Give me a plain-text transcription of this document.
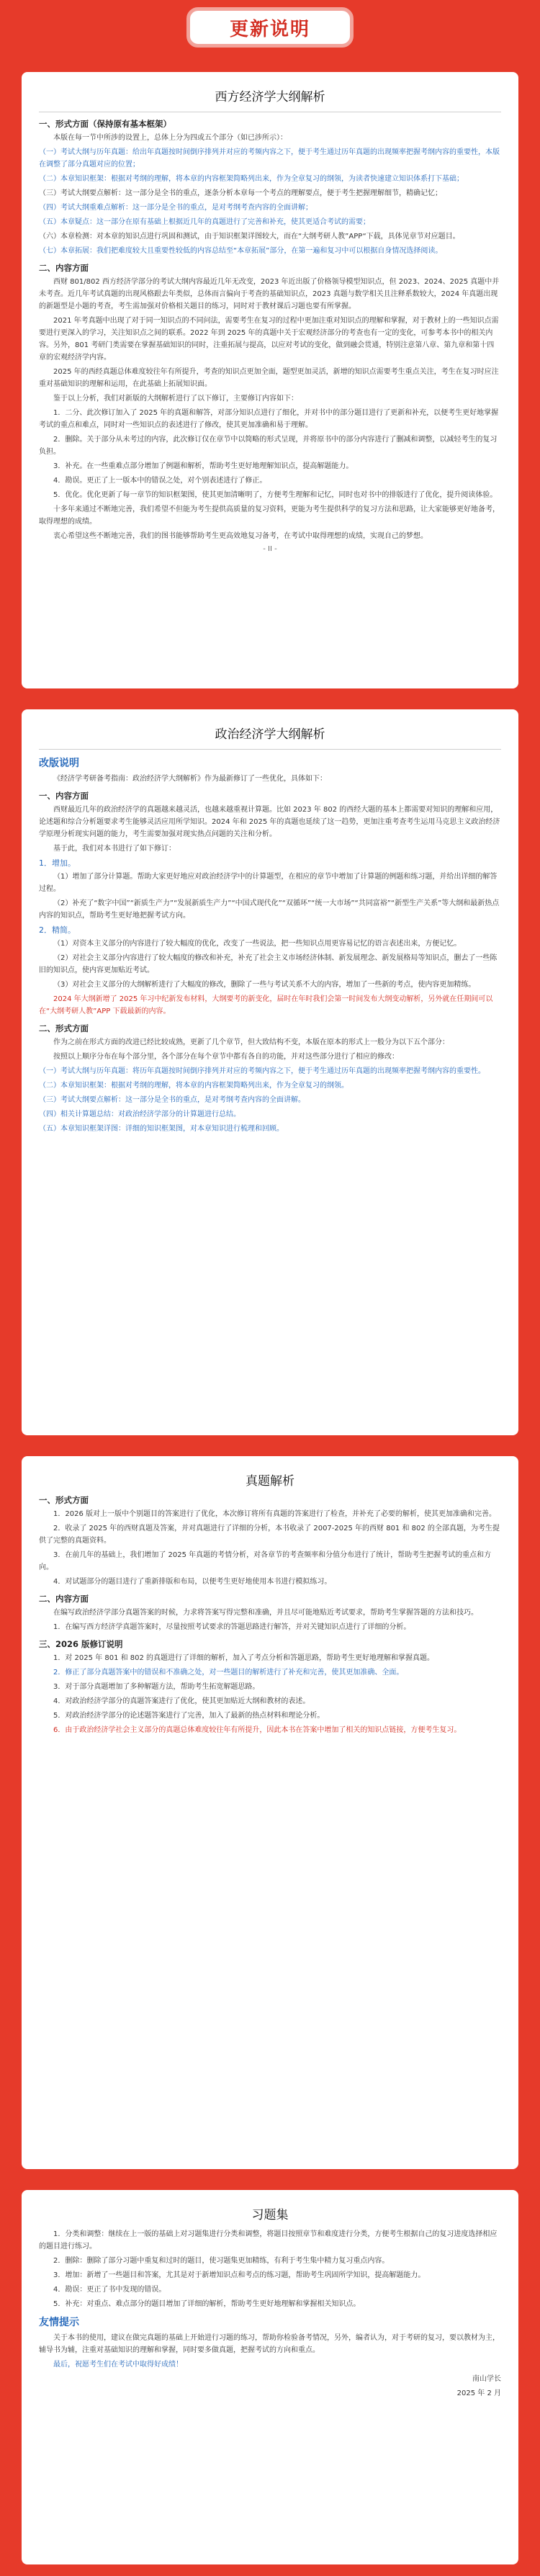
更新说明
西方经济学大纲解析
一、形式方面（保持原有基本框架）

本版在每一节中所涉的设置上，总体上分为四或五个部分（如已涉所示）：

（一）考试大纲与历年真题：给出年真题按时间倒序排列并对应的考频内容之下，便于考生通过历年真题的出现频率把握考纲内容的重要性，本版在调整了部分真题对应的位置；

（二）本章知识框架：根据对考纲的理解，将本章的内容框架简略列出来，作为全章复习的纲领，为读者快速建立知识体系打下基础；

（三）考试大纲要点解析：这一部分是全书的重点，逐条分析本章每一个考点的理解要点，便于考生把握理解细节，精确记忆；

（四）考试大纲重难点解析：这一部分是全书的重点，是对考纲考查内容的全面讲解；

（五）本章疑点：这一部分在原有基础上根据近几年的真题进行了完善和补充，使其更适合考试的需要；

（六）本章检测：对本章的知识点进行巩固和测试，由于知识框架详图较大，而在“大纲考研人教”APP“下载，具体见章节对应题目。

（七）本章拓展：我们把难度较大且重要性较低的内容总结至“本章拓展”部分，在第一遍和复习中可以根据自身情况选择阅读。

二、内容方面

西财 801/802 西方经济学部分的考试大纲内容最近几年无改变，2023 年近出版了价格领导模型知识点，但 2023、2024、2025 真题中并未考查。近几年考试真题的出现风格跟去年类似，总体而言偏向于考查的基础知识点，2023 真题与数学相关且注释系数较大，2024 年真题出现的新题型是小题的考查，考生需加强对价格相关题目的练习，同时对于教材课后习题也要有所掌握。

2021 年考真题中出现了对于同一知识点的不同问法，需要考生在复习的过程中更加注重对知识点的理解和掌握，对于教材上的一些知识点需要进行更深入的学习，关注知识点之间的联系。2022 年到 2025 年的真题中关于宏观经济部分的考查也有一定的变化，可参考本书中的相关内容。另外，801 考研门类需要在掌握基础知识的同时，注重拓展与提高，以应对考试的变化，做到融会贯通，特别注意第八章、第九章和第十四章的宏观经济学内容。

2025 年的西经真题总体难度较往年有所提升，考查的知识点更加全面，题型更加灵活，新增的知识点需要考生重点关注，考生在复习时应注重对基础知识的理解和运用，在此基础上拓展知识面。

鉴于以上分析，我们对新版的大纲解析进行了以下修订，主要修订内容如下：

1．二分、此次修订加入了 2025 年的真题和解答，对部分知识点进行了细化，并对书中的部分题目进行了更新和补充，以便考生更好地掌握考试的重点和难点，同时对一些知识点的表述进行了修改，使其更加准确和易于理解。

2．删除。关于部分从未考过的内容，此次修订仅在章节中以简略的形式呈现，并将原书中的部分内容进行了删减和调整，以减轻考生的复习负担。

3．补充。在一些重难点部分增加了例题和解析，帮助考生更好地理解知识点，提高解题能力。

4．勘误。更正了上一版本中的错误之处，对个别表述进行了修正。

5．优化。优化更新了每一章节的知识框架图，使其更加清晰明了，方便考生理解和记忆，同时也对书中的排版进行了优化，提升阅读体验。

十多年来通过不断地完善，我们希望不但能为考生提供高质量的复习资料，更能为考生提供科学的复习方法和思路，让大家能够更好地备考，取得理想的成绩。

衷心希望这些不断地完善，我们的图书能够帮助考生更高效地复习备考，在考试中取得理想的成绩，实现自己的梦想。

- II -
政治经济学大纲解析
改版说明

《经济学考研备考指南：政治经济学大纲解析》作为最新修订了一些优化，具体如下：

一、内容方面

西财最近几年的政治经济学的真题越来越灵活，也越来越重视计算题。比如 2023 年 802 的西经大题的基本上都需要对知识的理解和应用，论述题和综合分析题要求考生能够灵活应用所学知识。2024 年和 2025 年的真题也延续了这一趋势，更加注重考查考生运用马克思主义政治经济学原理分析现实问题的能力，考生需要加强对现实热点问题的关注和分析。

基于此，我们对本书进行了如下修订：

1．增加。

（1）增加了部分计算题。帮助大家更好地应对政治经济学中的计算题型，在相应的章节中增加了计算题的例题和练习题，并给出详细的解答过程。

（2）补充了“数字中国”“新质生产力”“发展新质生产力”“中国式现代化”“双循环”“统一大市场”“共同富裕”“新型生产关系”等大纲和最新热点内容的知识点，帮助考生更好地把握考试方向。

2．精简。

（1）对资本主义部分的内容进行了较大幅度的优化，改变了一些说法，把一些知识点用更容易记忆的语言表述出来，方便记忆。

（2）对社会主义部分内容进行了较大幅度的修改和补充，补充了社会主义市场经济体制、新发展理念、新发展格局等知识点，删去了一些陈旧的知识点，使内容更加贴近考试。

（3）对社会主义部分的大纲解析进行了大幅度的修改，删除了一些与考试关系不大的内容，增加了一些新的考点，使内容更加精练。

2024 年大纲新增了 2025 年习中纪新发布材料，大纲要考的新变化，届时在年时我们会第一时间发布大纲变动解析，另外就在任期间可以在“大纲考研人教”APP 下载最新的内容。

二、形式方面

作为之前在形式方面的改进已经比较成熟，更新了几个章节，但大致结构不变，本版在原本的形式上一般分为以下五个部分：

按照以上顺序分布在每个部分里，各个部分在每个章节中都有各自的功能，并对这些部分进行了相应的修改：

（一）考试大纲与历年真题：将历年真题按时间倒序排列并对应的考频内容之下，便于考生通过历年真题的出现频率把握考纲内容的重要性。

（二）本章知识框架：根据对考纲的理解，将本章的内容框架简略列出来，作为全章复习的纲领。

（三）考试大纲要点解析：这一部分是全书的重点，是对考纲考查内容的全面讲解。

（四）相关计算题总结：对政治经济学部分的计算题进行总结。

（五）本章知识框架详图：详细的知识框架图，对本章知识进行梳理和回顾。

真题解析
一、形式方面

1．2026 版对上一版中个别题目的答案进行了优化，本次修订将所有真题的答案进行了检查，并补充了必要的解析，使其更加准确和完善。

2．收录了 2025 年的西财真题及答案，并对真题进行了详细的分析，本书收录了 2007-2025 年的西财 801 和 802 的全部真题，为考生提供了完整的真题资料。

3．在前几年的基础上，我们增加了 2025 年真题的考情分析，对各章节的考查频率和分值分布进行了统计，帮助考生把握考试的重点和方向。

4．对试题部分的题目进行了重新排版和布局，以便考生更好地使用本书进行模拟练习。

二、内容方面

在编写政治经济学部分真题答案的时候，力求将答案写得完整和准确，并且尽可能地贴近考试要求，帮助考生掌握答题的方法和技巧。

1．在编写西方经济学真题答案时，尽量按照考试要求的答题思路进行解答，并对关键知识点进行了详细的分析。

三、2026 版修订说明

1．对 2025 年 801 和 802 的真题进行了详细的解析，加入了考点分析和答题思路，帮助考生更好地理解和掌握真题。

2．修正了部分真题答案中的错误和不准确之处，对一些题目的解析进行了补充和完善，使其更加准确、全面。

3．对于部分真题增加了多种解题方法，帮助考生拓宽解题思路。

4．对政治经济学部分的真题答案进行了优化，使其更加贴近大纲和教材的表述。

5．对政治经济学部分的论述题答案进行了完善，加入了最新的热点材料和理论分析。

6．由于政治经济学社会主义部分的真题总体难度较往年有所提升，因此本书在答案中增加了相关的知识点链接，方便考生复习。

习题集

1．分类和调整：继续在上一版的基础上对习题集进行分类和调整，将题目按照章节和难度进行分类，方便考生根据自己的复习进度选择相应的题目进行练习。

2．删除：删除了部分习题中重复和过时的题目，使习题集更加精练，有利于考生集中精力复习重点内容。

3．增加：新增了一些题目和答案，尤其是对于新增知识点和考点的练习题，帮助考生巩固所学知识，提高解题能力。

4．勘误：更正了书中发现的错误。

5．补充：对重点、难点部分的题目增加了详细的解析，帮助考生更好地理解和掌握相关知识点。

友情提示

关于本书的使用，建议在做完真题的基础上开始进行习题的练习，帮助你检验备考情况，另外，编者认为，对于考研的复习，要以教材为主，辅导书为辅，注重对基础知识的理解和掌握，同时要多做真题，把握考试的方向和重点。

最后，祝愿考生们在考试中取得好成绩！

南山学长

2025 年 2 月
